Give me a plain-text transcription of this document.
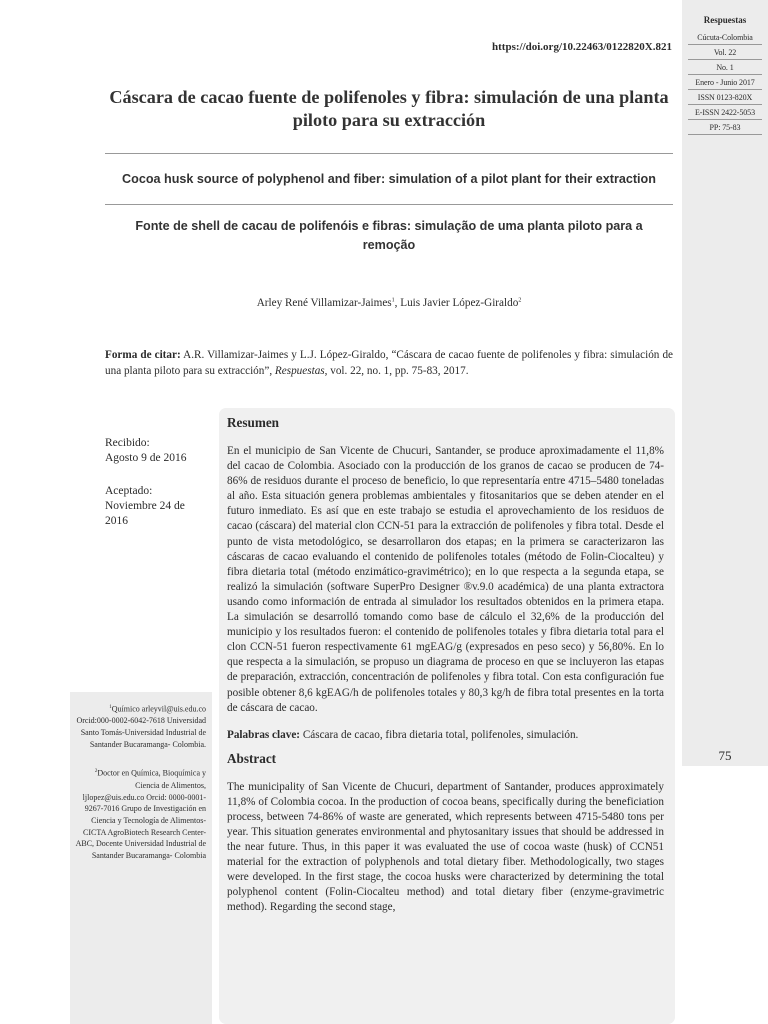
Respuestas
Cúcuta-Colombia
Vol. 22
No. 1
Enero - Junio 2017
ISSN 0123-820X
E-ISSN 2422-5053
PP: 75-83
75
https://doi.org/10.22463/0122820X.821
Cáscara de cacao fuente de polifenoles y fibra: simulación de una planta piloto para su extracción
Cocoa husk source of polyphenol and fiber: simulation of a pilot plant for their extraction
Fonte de shell de cacau de polifenóis e fibras: simulação de uma planta piloto para a remoção
Arley René Villamizar-Jaimes$^1$, Luis Javier López-Giraldo$^2$

Forma de citar: A.R. Villamizar-Jaimes y L.J. López-Giraldo, “Cáscara de cacao fuente de polifenoles y fibra: simulación de una planta piloto para su extracción”, Respuestas, vol. 22, no. 1, pp. 75-83, 2017.

Recibido:
Agosto 9 de 2016
Aceptado:
Noviembre 24 de 2016

$^1$Químico arleyvil@uis.edu.co Orcid:000-0002-6042-7618 Universidad Santo Tomás-Universidad Industrial de Santander Bucaramanga- Colombia.

$^2$Doctor en Química, Bioquímica y Ciencia de Alimentos, ljlopez@uis.edu.co Orcid: 0000-0001-9267-7016 Grupo de Investigación en Ciencia y Tecnología de Alimentos- CICTA AgroBiotech Research Center-ABC, Docente Universidad Industrial de Santander Bucaramanga- Colombia

Resumen

En el municipio de San Vicente de Chucuri, Santander, se produce aproximadamente el 11,8% del cacao de Colombia. Asociado con la producción de los granos de cacao se producen de 74-86% de residuos durante el proceso de beneficio, lo que representaría entre 4715–5480 toneladas al año. Esta situación genera problemas ambientales y fitosanitarios que se deben atender en el futuro inmediato. Es así que en este trabajo se estudia el aprovechamiento de los residuos de cacao (cáscara) del material clon CCN-51 para la extracción de polifenoles y fibra total. Desde el punto de vista metodológico, se desarrollaron dos etapas; en la primera se caracterizaron las cáscaras de cacao evaluando el contenido de polifenoles totales (método de Folin-Ciocalteu) y fibra dietaria total (método enzimático-gravimétrico); en lo que respecta a la segunda etapa, se realizó la simulación (software SuperPro Designer ®v.9.0 académica) de una planta extractora usando como información de entrada al simulador los resultados obtenidos en la primera etapa. La simulación se desarrolló tomando como base de cálculo el 32,6% de la producción del municipio y los resultados fueron: el contenido de polifenoles totales y fibra dietaria total para el clon CCN-51 fueron respectivamente 61 mgEAG/g (expresados en peso seco) y 56,80%. En lo que respecta a la simulación, se propuso un diagrama de proceso en que se incluyeron las etapas de preparación, extracción, concentración de polifenoles y fibra total. Con esta configuración fue posible obtener 8,6 kgEAG/h de polifenoles totales y 80,3 kg/h de fibra total presentes en la torta de cáscara de cacao.

Palabras clave: Cáscara de cacao, fibra dietaria total, polifenoles, simulación.

Abstract

The municipality of San Vicente de Chucuri, department of Santander, produces approximately 11,8% of Colombia cocoa. In the production of cocoa beans, specifically during the beneficiation process, between 74-86% of waste are generated, which represents between 4715-5480 tons per year. This situation generates environmental and phytosanitary issues that should be addressed in the near future. Thus, in this paper it was evaluated the use of cocoa waste (husk) of CCN51 material for the extraction of polyphenols and total dietary fiber. Methodologically, two stages were developed. In the first stage, the cocoa husks were characterized by determining the total polyphenol content (Folin-Ciocalteu method) and total dietary fiber (enzyme-gravimetric method). Regarding the second stage,
